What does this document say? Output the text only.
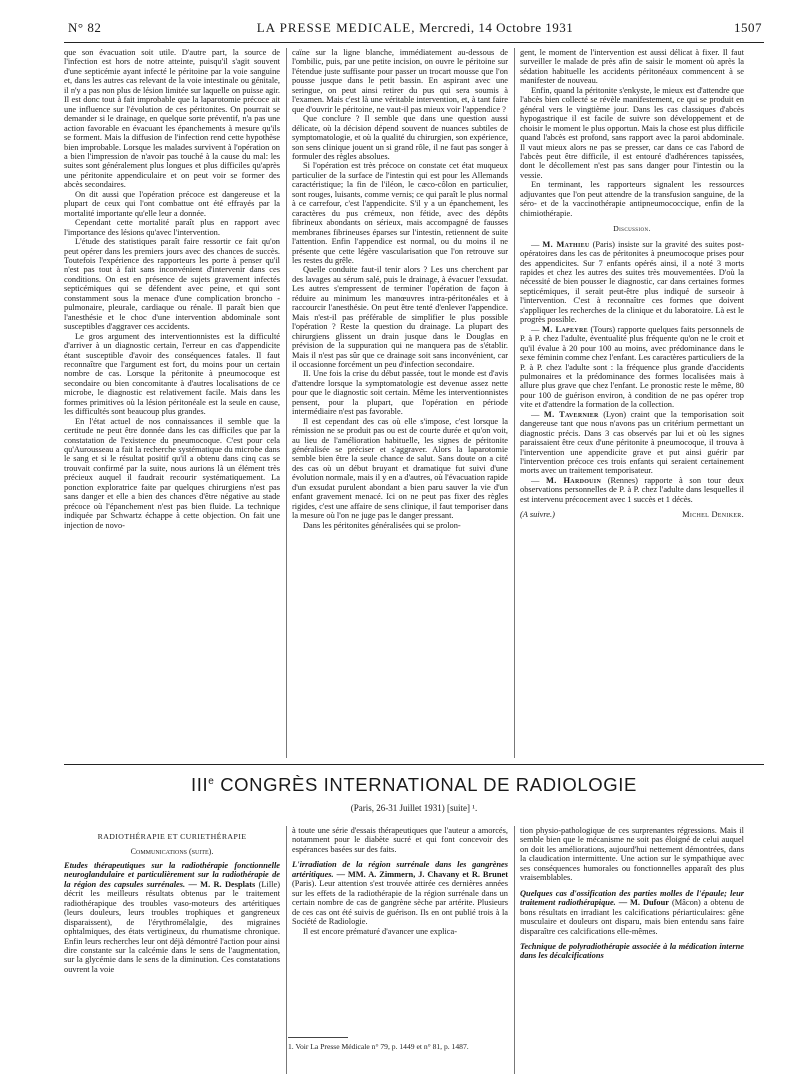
N° 82	LA PRESSE MEDICALE, Mercredi, 14 Octobre 1931	1507

que son évacuation soit utile. D'autre part, la source de l'infection est hors de notre atteinte, puisqu'il s'agit souvent d'une septicémie ayant infecté le péritoine par la voie sanguine et, dans les autres cas relevant de la voie intestinale ou génitale, il n'y a pas non plus de lésion limitée sur laquelle on puisse agir. Il est donc tout à fait improbable que la laparotomie précoce ait une influence sur l'évolution de ces péritonites. On pourrait se demander si le drainage, en quelque sorte préventif, n'a pas une action favorable en évacuant les épanchements à mesure qu'ils se forment. Mais la diffusion de l'infection rend cette hypothèse bien improbable. Lorsque les malades survivent à l'opération on a bien l'impression de n'avoir pas touché à la cause du mal: les suites sont généralement plus longues et plus difficiles qu'après une péritonite appendiculaire et on peut voir se former des abcès secondaires.

On dit aussi que l'opération précoce est dangereuse et la plupart de ceux qui l'ont combattue ont été effrayés par la mortalité importante qu'elle leur a donnée.

Cependant cette mortalité paraît plus en rapport avec l'importance des lésions qu'avec l'intervention.

L'étude des statistiques paraît faire ressortir ce fait qu'on peut opérer dans les premiers jours avec des chances de succès. Toutefois l'expérience des rapporteurs les porte à penser qu'il n'est pas tout à fait sans inconvénient d'intervenir dans ces conditions. On est en présence de sujets gravement infectés septicémiques qui se défendent avec peine, et qui sont constamment sous la menace d'une complication broncho - pulmonaire, pleurale, cardiaque ou rénale. Il paraît bien que l'anesthésie et le choc d'une intervention abdominale sont susceptibles d'aggraver ces accidents.

Le gros argument des interventionnistes est la difficulté d'arriver à un diagnostic certain, l'erreur en cas d'appendicite étant susceptible d'avoir des conséquences fatales. Il faut reconnaître que l'argument est fort, du moins pour un certain nombre de cas. Lorsque la péritonite à pneumocoque est secondaire ou bien concomitante à d'autres localisations de ce microbe, le diagnostic est relativement facile. Mais dans les formes primitives où la lésion péritonéale est la seule en cause, les difficultés sont beaucoup plus grandes.

En l'état actuel de nos connaissances il semble que la certitude ne peut être donnée dans les cas difficiles que par la constatation de l'existence du pneumocoque. C'est pour cela qu'Aurousseau a fait la recherche systématique du microbe dans le sang et si le résultat positif qu'il a obtenu dans cinq cas se trouvait confirmé par la suite, nous aurions là un élément très précieux auquel il faudrait recourir systématiquement. La ponction exploratrice faite par quelques chirurgiens n'est pas sans danger et elle a bien des chances d'être négative au stade précoce où l'épanchement n'est pas bien fluide. La technique indiquée par Schwartz échappe à cette objection. On fait une injection de novo-

caïne sur la ligne blanche, immédiatement au-dessous de l'ombilic, puis, par une petite incision, on ouvre le péritoine sur l'étendue juste suffisante pour passer un trocart mousse que l'on pousse jusque dans le petit bassin. En aspirant avec une seringue, on peut ainsi retirer du pus qui sera soumis à l'examen. Mais c'est là une véritable intervention, et, à tant faire que d'ouvrir le péritoine, ne vaut-il pas mieux voir l'appendice ?

Que conclure ? Il semble que dans une question aussi délicate, où la décision dépend souvent de nuances subtiles de symptomatologie, et où la qualité du chirurgien, son expérience, son sens clinique jouent un si grand rôle, il ne faut pas songer à formuler des règles absolues.

Si l'opération est très précoce on constate cet état muqueux particulier de la surface de l'intestin qui est pour les Allemands caractéristique; la fin de l'iléon, le cæco-côlon en particulier, sont rouges, luisants, comme vernis; ce qui paraît le plus normal à ce carrefour, c'est l'appendicite. S'il y a un épanchement, les caractères du pus crémeux, non fétide, avec des dépôts fibrineux abondants on sérieux, mais accompagné de fausses membranes fibrineuses éparses sur l'intestin, retiennent de suite l'attention. Enfin l'appendice est normal, ou du moins il ne présente que cette légère vascularisation que l'on retrouve sur les restes du grêle.

Quelle conduite faut-il tenir alors ? Les uns cherchent par des lavages au sérum salé, puis le drainage, à évacuer l'exsudat. Les autres s'empressent de terminer l'opération de façon à réduire au minimum les manœuvres intra-péritonéales et à raccourcir l'anesthésie. On peut être tenté d'enlever l'appendice. Mais n'est-il pas préférable de simplifier le plus possible l'opération ? Reste la question du drainage. La plupart des chirurgiens glissent un drain jusque dans le Douglas en prévision de la suppuration qui ne manquera pas de s'établir. Mais il n'est pas sûr que ce drainage soit sans inconvénient, car il occasionne forcément un peu d'infection secondaire.

II. Une fois la crise du début passée, tout le monde est d'avis d'attendre lorsque la symptomatologie est devenue assez nette pour que le diagnostic soit certain. Même les interventionnistes pensent, pour la plupart, que l'opération en période intermédiaire n'est pas favorable.

Il est cependant des cas où elle s'impose, c'est lorsque la rémission ne se produit pas ou est de courte durée et qu'on voit, au lieu de l'amélioration habituelle, les signes de péritonite généralisée se préciser et s'aggraver. Alors la laparotomie semble bien être la seule chance de salut. Sans doute on a cité des cas où un début bruyant et dramatique fut suivi d'une évolution normale, mais il y en a d'autres, où l'évacuation rapide d'un exsudat purulent abondant a bien paru sauver la vie d'un enfant gravement menacé. Ici on ne peut pas fixer des règles rigides, c'est une affaire de sens clinique, il faut temporiser dans la mesure où l'on ne juge pas le danger pressant.

Dans les péritonites généralisées qui se prolon-

gent, le moment de l'intervention est aussi délicat à fixer. Il faut surveiller le malade de près afin de saisir le moment où après la sédation habituelle les accidents péritonéaux commencent à se manifester de nouveau.

Enfin, quand la péritonite s'enkyste, le mieux est d'attendre que l'abcès bien collecté se révèle manifestement, ce qui se produit en général vers le vingtième jour. Dans les cas classiques d'abcès hypogastrique il est facile de suivre son développement et de choisir le moment le plus opportun. Mais la chose est plus difficile quand l'abcès est profond, sans rapport avec la paroi abdominale. Il vaut mieux alors ne pas se presser, car dans ce cas l'abord de l'abcès peut être difficile, il est entouré d'adhérences tapissées, dont le décollement n'est pas sans danger pour l'intestin ou la vessie.

En terminant, les rapporteurs signalent les ressources adjuvantes que l'on peut attendre de la transfusion sanguine, de la séro- et de la vaccinothérapie antipneumococcique, enfin de la chimiothérapie.

Discussion.

— M. Mathieu (Paris) insiste sur la gravité des suites post-opératoires dans les cas de péritonites à pneumocoque prises pour des appendicites. Sur 7 enfants opérés ainsi, il a noté 3 morts rapides et chez les autres des suites très mouvementées. D'où la nécessité de bien pousser le diagnostic, car dans certaines formes septicémiques, il serait peut-être plus indiqué de surseoir à l'intervention. C'est à reconnaître ces formes que doivent s'appliquer les recherches de la clinique et du laboratoire. Là est le progrès possible.

— M. Lapeyre (Tours) rapporte quelques faits personnels de P. à P. chez l'adulte, éventualité plus fréquente qu'on ne le croit et qu'il évalue à 20 pour 100 au moins, avec prédominance dans le sexe féminin comme chez l'enfant. Les caractères particuliers de la P. à P. chez l'adulte sont : la fréquence plus grande d'accidents pulmonaires et la prédominance des formes localisées mais à allure plus grave que chez l'enfant. Le pronostic reste le même, 80 pour 100 de guérison environ, à condition de ne pas opérer trop vite et d'attendre la formation de la collection.

— M. Tavernier (Lyon) craint que la temporisation soit dangereuse tant que nous n'avons pas un critérium permettant un diagnostic précis. Dans 3 cas observés par lui et où les signes paraissaient être ceux d'une péritonite à pneumocoque, il trouva à l'intervention une appendicite grave et put ainsi guérir par l'intervention précoce ces trois enfants qui seraient certainement morts avec un traitement temporisateur.

— M. Hardouin (Rennes) rapporte à son tour deux observations personnelles de P. à P. chez l'adulte dans lesquelles il est intervenu précocement avec 1 succès et 1 décès.

(A suivre.)	Michel Deniker.
IIIe CONGRÈS INTERNATIONAL DE RADIOLOGIE
(Paris, 26-31 Juillet 1931) [suite] ¹.

RADIOTHÉRAPIE ET CURIETHÉRAPIE

Communications (suite).

Etudes thérapeutiques sur la radiothérapie fonctionnelle neuroglandulaire et particulièrement sur la radiothérapie de la région des capsules surrénales. — M. R. Desplats (Lille) décrit les meilleurs résultats obtenus par le traitement radiothérapique des troubles vaso-moteurs des artéritiques (leurs douleurs, leurs troubles trophiques et gangreneux disparaissent), de l'érythromélalgie, des migraines ophtalmiques, des états vertigineux, du rhumatisme chronique. Enfin leurs recherches leur ont déjà démontré l'action pour ainsi dire constante sur la calcémie dans le sens de l'augmentation, sur la glycémie dans le sens de la diminution. Ces constatations ouvrent la voie

à toute une série d'essais thérapeutiques que l'auteur a amorcés, notamment pour le diabète sucré et qui font concevoir des espérances basées sur des faits.

L'irradiation de la région surrénale dans les gangrènes artéritiques. — MM. A. Zimmern, J. Chavany et R. Brunet (Paris). Leur attention s'est trouvée attirée ces dernières années sur les effets de la radiothérapie de la région surrénale dans un certain nombre de cas de gangrène sèche par artérite. Plusieurs de ces cas ont été suivis de guérison. Ils en ont publié trois à la Société de Radiologie.

Il est encore prématuré d'avancer une explica-

1. Voir La Presse Médicale n° 79, p. 1449 et n° 81, p. 1487.

tion physio-pathologique de ces surprenantes régressions. Mais il semble bien que le mécanisme ne soit pas éloigné de celui auquel on doit les améliorations, aujourd'hui nettement démontrées, dans la claudication intermittente. Une action sur le sympathique avec ses conséquences humorales ou fonctionnelles apparaît des plus vraisemblables.

Quelques cas d'ossification des parties molles de l'épaule; leur traitement radiothérapique. — M. Dufour (Mâcon) a obtenu de bons résultats en irradiant les calcifications périarticulaires: gêne musculaire et douleurs ont disparu, mais bien entendu sans faire disparaître ces calcifications elle-mêmes.

Technique de polyradiothérapie associée à la médication interne dans les décalcifications
